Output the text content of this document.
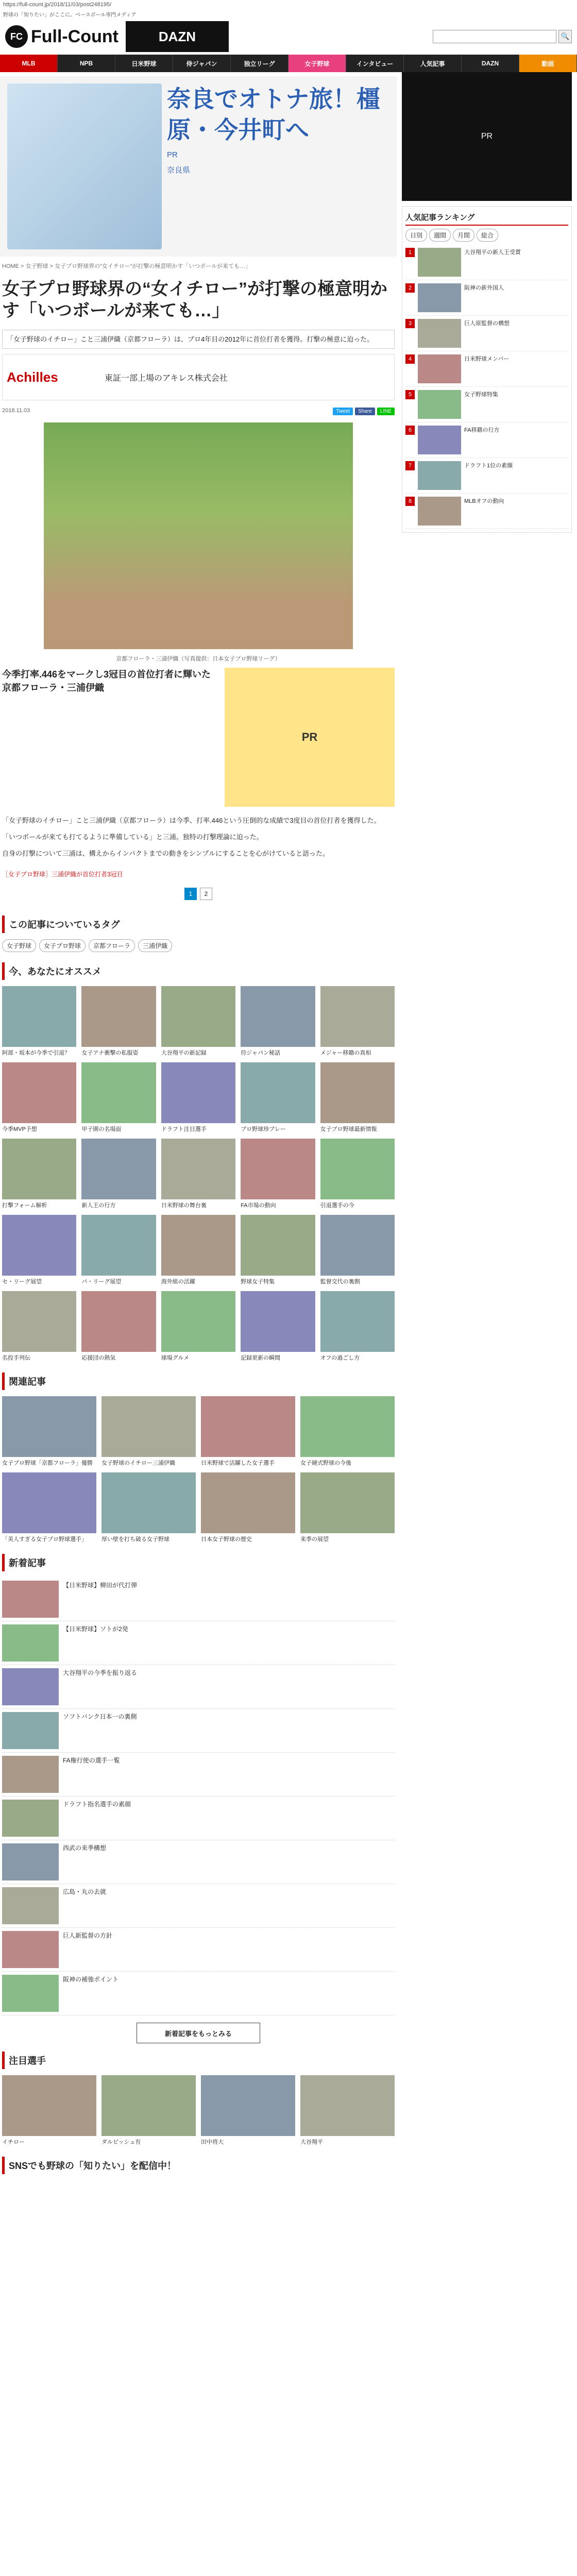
https://full-count.jp/2018/11/03/post248195/
野球の「知りたい」がここに。ベースボール専門メディア
FC Full-Count	DAZN	🔍
MLB	NPB	日米野球	侍ジャパン	独立リーグ	女子野球	インタビュー	人気記事	DAZN	動画
奈良でオトナ旅！橿原・今井町へ

PR

奈良県

HOME > 女子野球 > 女子プロ野球界の“女イチロー”が打撃の極意明かす「いつボールが来ても…」
女子プロ野球界の“女イチロー”が打撃の極意明かす「いつボールが来ても…」
「女子野球のイチロー」こと三浦伊織（京都フローラ）は、プロ4年目の2012年に首位打者を獲得。打撃の極意に迫った。
Achilles	東証一部上場のアキレス株式会社
2018.11.03	Tweet	Share	LINE
京都フローラ・三浦伊織（写真提供：日本女子プロ野球リーグ）
今季打率.446をマークし3冠目の首位打者に輝いた京都フローラ・三浦伊織
PR

「女子野球のイチロー」こと三浦伊織（京都フローラ）は今季、打率.446という圧倒的な成績で3度目の首位打者を獲得した。

「いつボールが来ても打てるように準備している」と三浦。独特の打撃理論に迫った。

自身の打撃について三浦は、構えからインパクトまでの動きをシンプルにすることを心がけていると語った。

［女子プロ野球］三浦伊織が首位打者3冠目
1	2
この記事についているタグ
女子野球	女子プロ野球	京都フローラ	三浦伊織
今、あなたにオススメ
阿部・坂本が今季で引退？	女子アナ衝撃の私服姿	大谷翔平の新記録	侍ジャパン秘話	メジャー移籍の真相
今季MVP予想	甲子園の名場面	ドラフト注目選手	プロ野球珍プレー	女子プロ野球最新情報
打撃フォーム解析	新人王の行方	日米野球の舞台裏	FA市場の動向	引退選手の今
セ・リーグ展望	パ・リーグ展望	海外組の活躍	野球女子特集	監督交代の裏側
名投手列伝	応援団の熱気	球場グルメ	記録更新の瞬間	オフの過ごし方
関連記事
女子プロ野球「京都フローラ」優勝	女子野球のイチロー三浦伊織	日米野球で活躍した女子選手	女子硬式野球の今後
「美人すぎる女子プロ野球選手」	厚い壁を打ち破る女子野球	日本女子野球の歴史	来季の展望
新着記事
【日米野球】柳田が代打弾
【日米野球】ソトが2発
大谷翔平の今季を振り返る
ソフトバンク日本一の裏側
FA権行使の選手一覧
ドラフト指名選手の素顔
西武の来季構想
広島・丸の去就
巨人新監督の方針
阪神の補強ポイント
新着記事をもっとみる
注目選手
イチロー	ダルビッシュ有	田中将大	大谷翔平
SNSでも野球の「知りたい」を配信中！
PR
人気記事ランキング
日別	週間	月間	総合
1	大谷翔平の新人王受賞
2	阪神の新外国人
3	巨人原監督の構想
4	日米野球メンバー
5	女子野球特集
6	FA移籍の行方
7	ドラフト1位の素顔
8	MLBオフの動向
